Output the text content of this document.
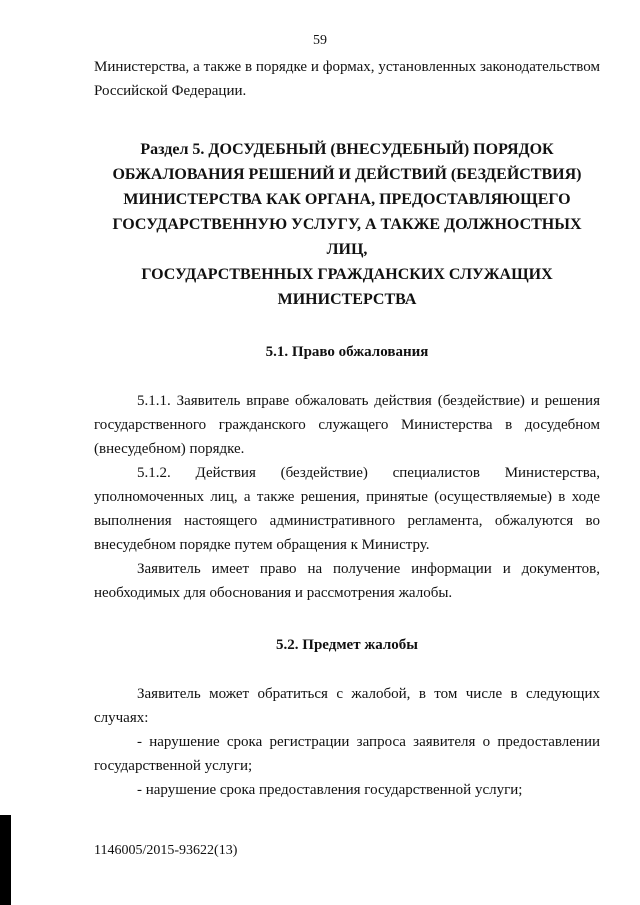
59

Министерства, а также в порядке и формах, установленных законодательством Российской Федерации.

Раздел 5. ДОСУДЕБНЫЙ (ВНЕСУДЕБНЫЙ) ПОРЯДОК
ОБЖАЛОВАНИЯ РЕШЕНИЙ И ДЕЙСТВИЙ (БЕЗДЕЙСТВИЯ)
МИНИСТЕРСТВА КАК ОРГАНА, ПРЕДОСТАВЛЯЮЩЕГО
ГОСУДАРСТВЕННУЮ УСЛУГУ, А ТАКЖЕ ДОЛЖНОСТНЫХ ЛИЦ,
ГОСУДАРСТВЕННЫХ ГРАЖДАНСКИХ СЛУЖАЩИХ
МИНИСТЕРСТВА
5.1. Право обжалования

5.1.1. Заявитель вправе обжаловать действия (бездействие) и решения государственного гражданского служащего Министерства в досудебном (внесудебном) порядке.

5.1.2. Действия (бездействие) специалистов Министерства, уполномоченных лиц, а также решения, принятые (осуществляемые) в ходе выполнения настоящего административного регламента, обжалуются во внесудебном порядке путем обращения к Министру.

Заявитель имеет право на получение информации и документов, необходимых для обоснования и рассмотрения жалобы.

5.2. Предмет жалобы

Заявитель может обратиться с жалобой, в том числе в следующих случаях:

- нарушение срока регистрации запроса заявителя о предоставлении государственной услуги;

- нарушение срока предоставления государственной услуги;

1146005/2015-93622(13)
